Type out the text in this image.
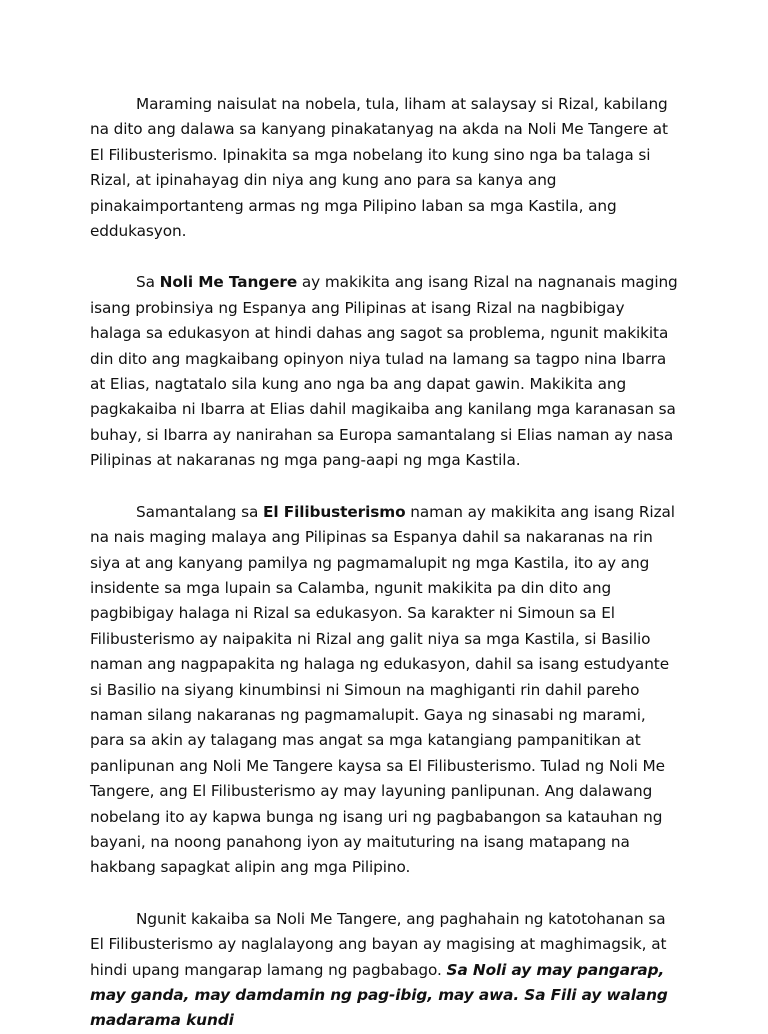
Maraming naisulat na nobela, tula, liham at salaysay si Rizal, kabilang na dito ang dalawa sa kanyang pinakatanyag na akda na Noli Me Tangere at El Filibusterismo. Ipinakita sa mga nobelang ito kung sino nga ba talaga si Rizal, at ipinahayag din niya ang kung ano para sa kanya ang pinakaimportanteng armas ng mga Pilipino laban sa mga Kastila, ang eddukasyon.

Sa Noli Me Tangere ay makikita ang isang Rizal na nagnanais maging isang probinsiya ng Espanya ang Pilipinas at isang Rizal na nagbibigay halaga sa edukasyon at hindi dahas ang sagot sa problema, ngunit makikita din dito ang magkaibang opinyon niya tulad na lamang sa tagpo nina Ibarra at Elias, nagtatalo sila kung ano nga ba ang dapat gawin. Makikita ang pagkakaiba ni Ibarra at Elias dahil magikaiba ang kanilang mga karanasan sa buhay, si Ibarra ay nanirahan sa Europa samantalang si Elias naman ay nasa Pilipinas at nakaranas ng mga pang-aapi ng mga Kastila.

Samantalang sa El Filibusterismo naman ay makikita ang isang Rizal na nais maging malaya ang Pilipinas sa Espanya dahil sa nakaranas na rin siya at ang kanyang pamilya ng pagmamalupit ng mga Kastila, ito ay ang insidente sa mga lupain sa Calamba, ngunit makikita pa din dito ang pagbibigay halaga ni Rizal sa edukasyon. Sa karakter ni Simoun sa El Filibusterismo ay naipakita ni Rizal ang galit niya sa mga Kastila, si Basilio naman ang nagpapakita ng halaga ng edukasyon, dahil sa isang estudyante si Basilio na siyang kinumbinsi ni Simoun na maghiganti rin dahil pareho naman silang nakaranas ng pagmamalupit. Gaya ng sinasabi ng marami, para sa akin ay talagang mas angat sa mga katangiang pampanitikan at panlipunan ang Noli Me Tangere kaysa sa El Filibusterismo. Tulad ng Noli Me Tangere, ang El Filibusterismo ay may layuning panlipunan. Ang dalawang nobelang ito ay kapwa bunga ng isang uri ng pagbabangon sa katauhan ng bayani, na noong panahong iyon ay maituturing na isang matapang na hakbang sapagkat alipin ang mga Pilipino.

Ngunit kakaiba sa Noli Me Tangere, ang paghahain ng katotohanan sa El Filibusterismo ay naglalayong ang bayan ay magising at maghimagsik, at hindi upang mangarap lamang ng pagbabago. Sa Noli ay may pangarap, may ganda, may damdamin ng pag-ibig, may awa. Sa Fili ay walang madarama kundi
